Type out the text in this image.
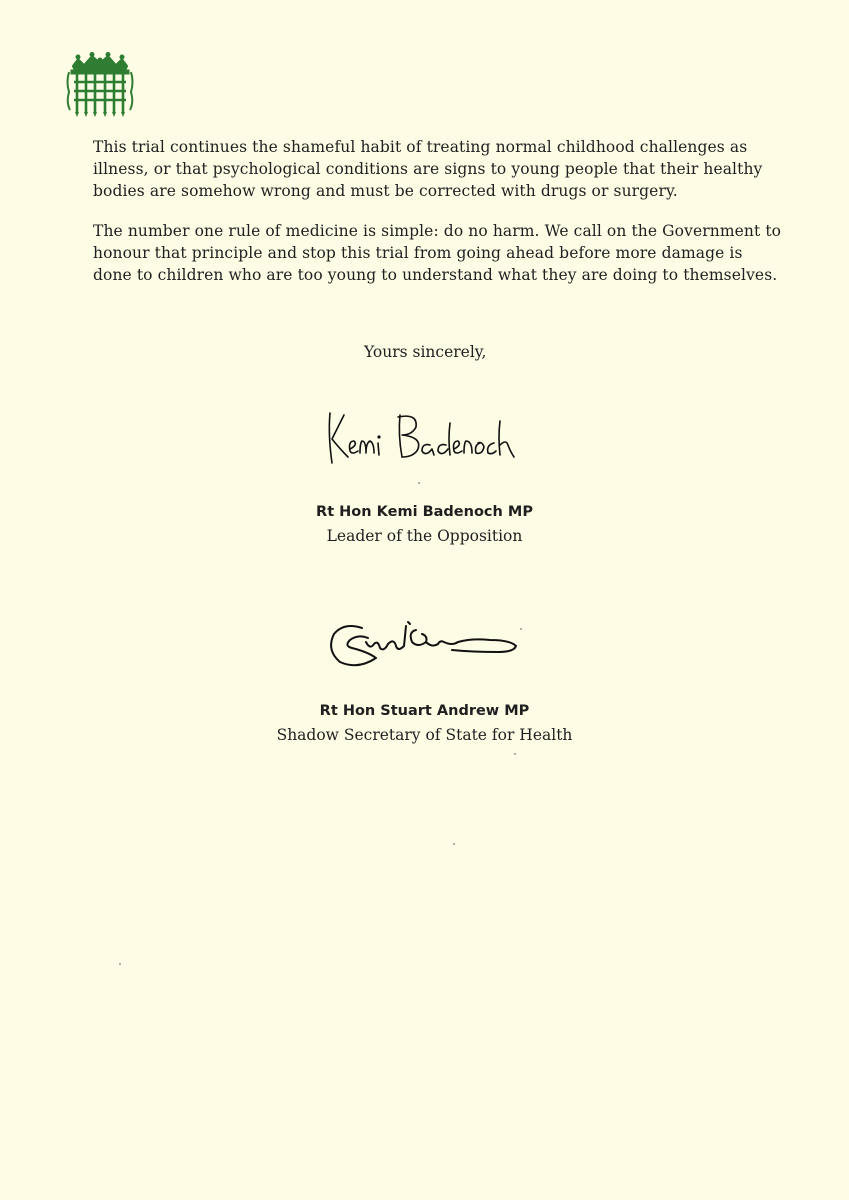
This trial continues the shameful habit of treating normal childhood challenges as illness, or that psychological conditions are signs to young people that their healthy bodies are somehow wrong and must be corrected with drugs or surgery.

The number one rule of medicine is simple: do no harm. We call on the Government to honour that principle and stop this trial from going ahead before more damage is done to children who are too young to understand what they are doing to themselves.

Yours sincerely,

Rt Hon Kemi Badenoch MP
Leader of the Opposition
Rt Hon Stuart Andrew MP
Shadow Secretary of State for Health
